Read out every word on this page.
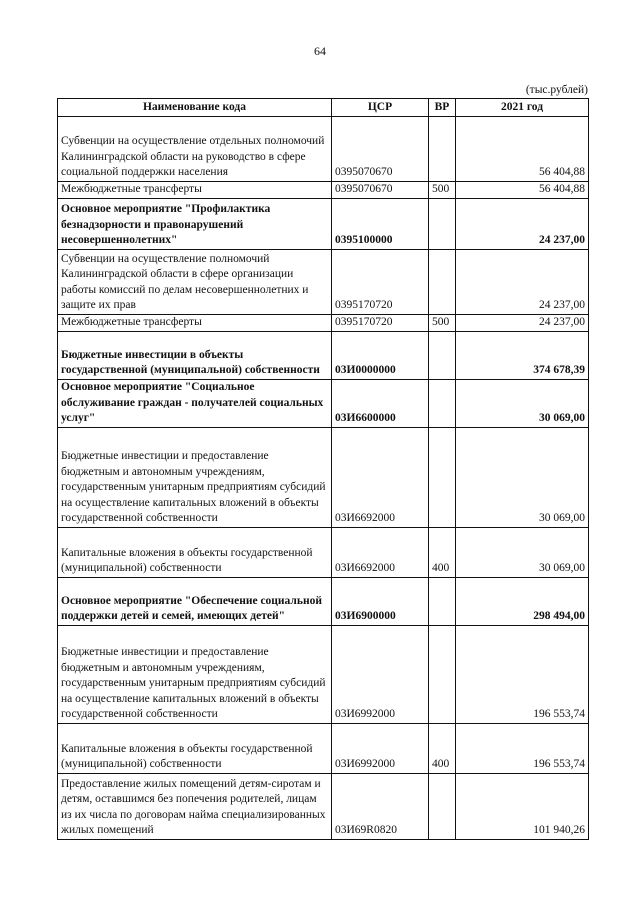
64
(тыс.рублей)
Наименование кода	ЦСР	ВР	2021 год
Субвенции на осуществление отдельных полномочий Калининградской области на руководство в сфере социальной поддержки населения	0395070670		56 404,88
Межбюджетные трансферты	0395070670	500	56 404,88
Основное мероприятие "Профилактика безнадзорности и правонарушений несовершеннолетних"	0395100000		24 237,00
Субвенции на осуществление полномочий Калининградской области в сфере организации работы комиссий по делам несовершеннолетних и защите их прав	0395170720		24 237,00
Межбюджетные трансферты	0395170720	500	24 237,00
Бюджетные инвестиции в объекты государственной (муниципальной) собственности	03И0000000		374 678,39
Основное мероприятие "Социальное обслуживание граждан - получателей социальных услуг"	03И6600000		30 069,00
Бюджетные инвестиции и предоставление бюджетным и автономным учреждениям, государственным унитарным предприятиям субсидий на осуществление капитальных вложений в объекты государственной собственности	03И6692000		30 069,00
Капитальные вложения в объекты государственной (муниципальной) собственности	03И6692000	400	30 069,00
Основное мероприятие "Обеспечение социальной поддержки детей и семей, имеющих детей"	03И6900000		298 494,00
Бюджетные инвестиции и предоставление бюджетным и автономным учреждениям, государственным унитарным предприятиям субсидий на осуществление капитальных вложений в объекты государственной собственности	03И6992000		196 553,74
Капитальные вложения в объекты государственной (муниципальной) собственности	03И6992000	400	196 553,74
Предоставление жилых помещений детям-сиротам и детям, оставшимся без попечения родителей, лицам из их числа по договорам найма специализированных жилых помещений	03И69R0820		101 940,26
